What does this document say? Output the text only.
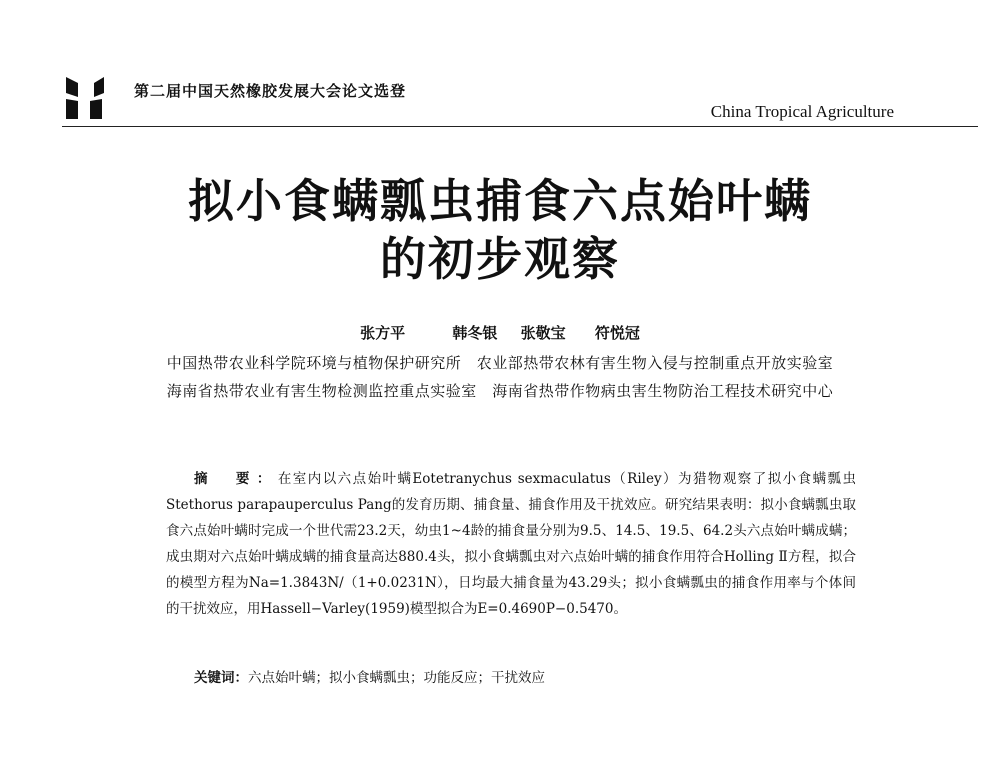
第二届中国天然橡胶发展大会论文选登
China Tropical Agriculture
拟小食螨瓢虫捕食六点始叶螨
的初步观察
张方平	韩冬银 张敬宝 符悦冠
中国热带农业科学院环境与植物保护研究所　农业部热带农林有害生物入侵与控制重点开放实验室
海南省热带农业有害生物检测监控重点实验室　海南省热带作物病虫害生物防治工程技术研究中心
摘　要：在室内以六点始叶螨Eotetranychus sexmaculatus（Riley）为猎物观察了拟小食螨瓢虫Stethorus parapauperculus Pang的发育历期、捕食量、捕食作用及干扰效应。研究结果表明：拟小食螨瓢虫取食六点始叶螨时完成一个世代需23.2天，幼虫1~4龄的捕食量分别为9.5、14.5、19.5、64.2头六点始叶螨成螨；成虫期对六点始叶螨成螨的捕食量高达880.4头，拟小食螨瓢虫对六点始叶螨的捕食作用符合Holling Ⅱ方程，拟合的模型方程为Na=1.3843N/（1+0.0231N），日均最大捕食量为43.29头；拟小食螨瓢虫的捕食作用率与个体间的干扰效应，用Hassell−Varley(1959)模型拟合为E=0.4690P−0.5470。
关键词：六点始叶螨；拟小食螨瓢虫；功能反应；干扰效应
